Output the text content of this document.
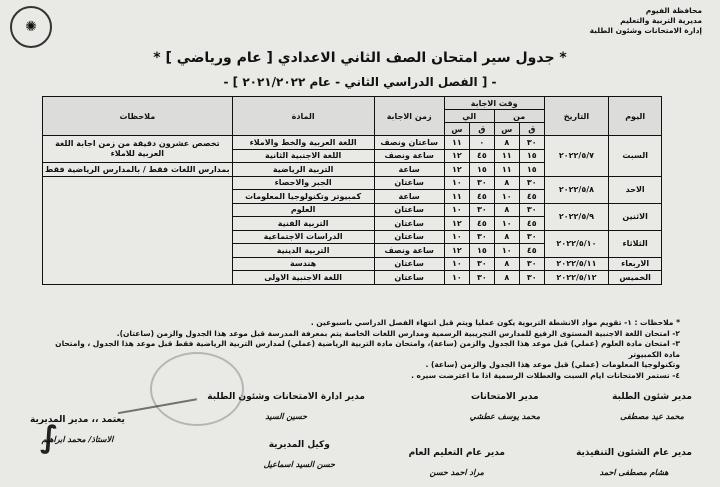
محافظة الفيوم
مديرية التربية والتعليم
إدارة الامتحانات وشئون الطلبة
✺
* جدول سير امتحان الصف الثاني الاعدادي [ عام ورياضي ] *
- [ الفصل الدراسي الثاني - عام ٢٠٢١/٢٠٢٢ ] -
اليوم	التاريخ	وقت الاجابة				زمن الاجابة	المادة	ملاحظات
		من		الي				
		ق	س	ق	س			
السبت	٢٠٢٢/٥/٧	٣٠	٨	٠	١١	ساعتان ونصف	اللغة العربية والخط والاملاء	تخصص عشرون دقيقة من زمن اجابة اللغة العربية للاملاء
		١٥	١١	٤٥	١٢	ساعة ونصف	اللغة الاجنبية الثانية	
		١٥	١١	١٥	١٢	ساعة	التربية الرياضية	بمدارس اللغات فقط / بالمدارس الرياضية فقط
الاحد	٢٠٢٢/٥/٨	٣٠	٨	٣٠	١٠	ساعتان	الجبر والاحصاء	
		٤٥	١٠	٤٥	١١	ساعة	كمبيوتر وتكنولوجيا المعلومات	
الاثنين	٢٠٢٢/٥/٩	٣٠	٨	٣٠	١٠	ساعتان	العلوم	
		٤٥	١٠	٤٥	١٢	ساعتان	التربية الفنية	
الثلاثاء	٢٠٢٢/٥/١٠	٣٠	٨	٣٠	١٠	ساعتان	الدراسات الاجتماعية	
		٤٥	١٠	١٥	١٢	ساعة ونصف	التربية الدينية	
الاربعاء	٢٠٢٢/٥/١١	٣٠	٨	٣٠	١٠	ساعتان	هندسة	
الخميس	٢٠٢٢/٥/١٢	٣٠	٨	٣٠	١٠	ساعتان	اللغة الاجنبية الاولى	
* ملاحظات : ١- تقويم مواد الانشطة التربوية يكون عمليا ويتم قبل انتهاء الفصل الدراسي باسبوعين .
٢- امتحان اللغة الاجنبية المستوى الرفيع للمدارس التجريبية الرسمية ومدارس اللغات الخاصة يتم بمعرفة المدرسة قبل موعد هذا الجدول والزمن (ساعتان).
٣- امتحان مادة العلوم (عملي) قبل موعد هذا الجدول والزمن (ساعة)، وامتحان مادة التربية الرياضية (عملي) لمدارس التربية الرياضية فقط قبل موعد هذا الجدول ، وامتحان مادة الكمبيوتر
وتكنولوجيا المعلومات (عملي) قبل موعد هذا الجدول والزمن (ساعة) .
٤- تستمر الامتحانات ايام السبت والعطلات الرسمية اذا ما اعترضت سيره .
∫
مدير شئون الطلبة
محمد عيد مصطفى
مدير الامتحانات
محمد يوسف عطشي
مدير ادارة الامتحانات وشئون الطلبة
حسين السيد
يعتمد ،، مدير المديرية
الاستاذ/ محمد ابراهيم
مدير عام الشئون التنفيذية
هشام مصطفى احمد
مدير عام التعليم العام
مراد احمد حسن
وكيل المديرية
حسن السيد اسماعيل
